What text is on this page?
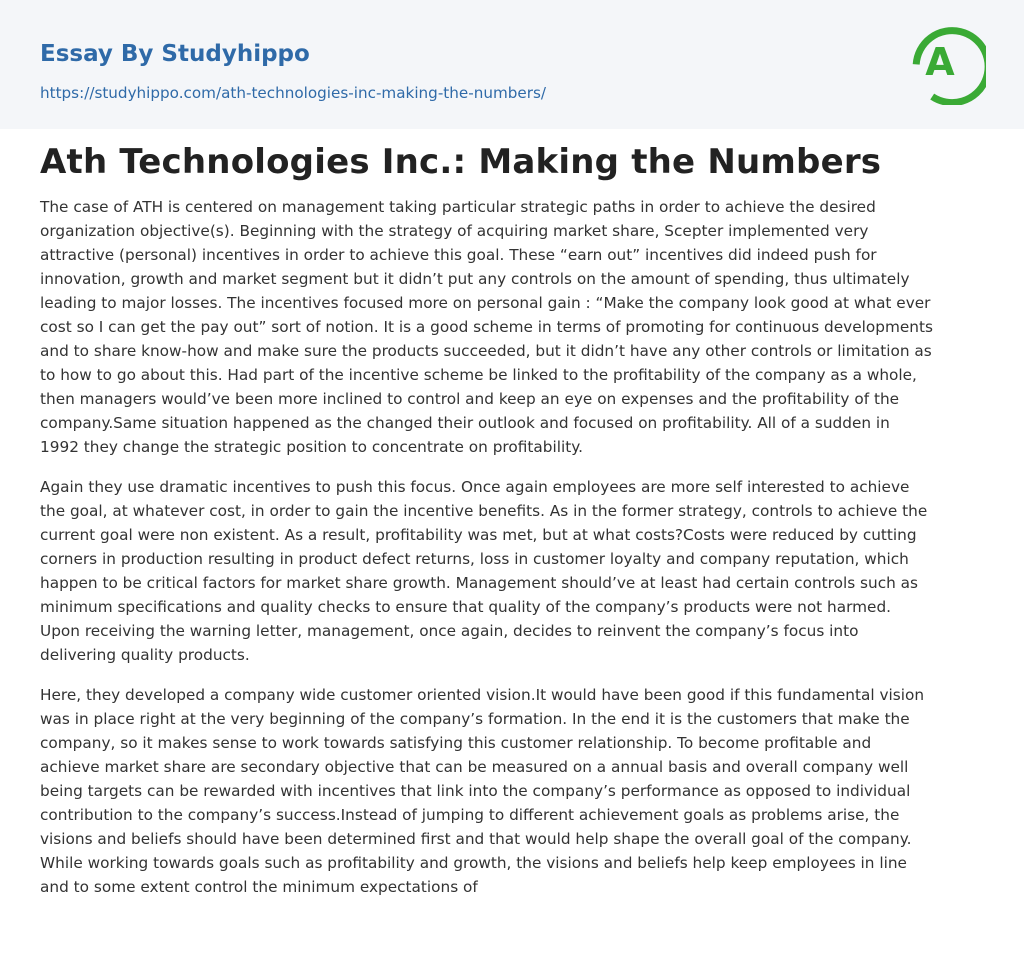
Essay By Studyhippo
https://studyhippo.com/ath-technologies-inc-making-the-numbers/
A
Ath Technologies Inc.: Making the Numbers

The case of ATH is centered on management taking particular strategic paths in order to achieve the desired
organization objective(s). Beginning with the strategy of acquiring market share, Scepter implemented very
attractive (personal) incentives in order to achieve this goal. These “earn out” incentives did indeed push for
innovation, growth and market segment but it didn’t put any controls on the amount of spending, thus ultimately
leading to major losses. The incentives focused more on personal gain : “Make the company look good at what ever
cost so I can get the pay out” sort of notion. It is a good scheme in terms of promoting for continuous developments
and to share know-how and make sure the products succeeded, but it didn’t have any other controls or limitation as
to how to go about this. Had part of the incentive scheme be linked to the profitability of the company as a whole,
then managers would’ve been more inclined to control and keep an eye on expenses and the profitability of the
company.Same situation happened as the changed their outlook and focused on profitability. All of a sudden in
1992 they change the strategic position to concentrate on profitability.

Again they use dramatic incentives to push this focus. Once again employees are more self interested to achieve
the goal, at whatever cost, in order to gain the incentive benefits. As in the former strategy, controls to achieve the
current goal were non existent. As a result, profitability was met, but at what costs?Costs were reduced by cutting
corners in production resulting in product defect returns, loss in customer loyalty and company reputation, which
happen to be critical factors for market share growth. Management should’ve at least had certain controls such as
minimum specifications and quality checks to ensure that quality of the company’s products were not harmed.
Upon receiving the warning letter, management, once again, decides to reinvent the company’s focus into
delivering quality products.

Here, they developed a company wide customer oriented vision.It would have been good if this fundamental vision
was in place right at the very beginning of the company’s formation. In the end it is the customers that make the
company, so it makes sense to work towards satisfying this customer relationship. To become profitable and
achieve market share are secondary objective that can be measured on a annual basis and overall company well
being targets can be rewarded with incentives that link into the company’s performance as opposed to individual
contribution to the company’s success.Instead of jumping to different achievement goals as problems arise, the
visions and beliefs should have been determined first and that would help shape the overall goal of the company.
While working towards goals such as profitability and growth, the visions and beliefs help keep employees in line
and to some extent control the minimum expectations of
